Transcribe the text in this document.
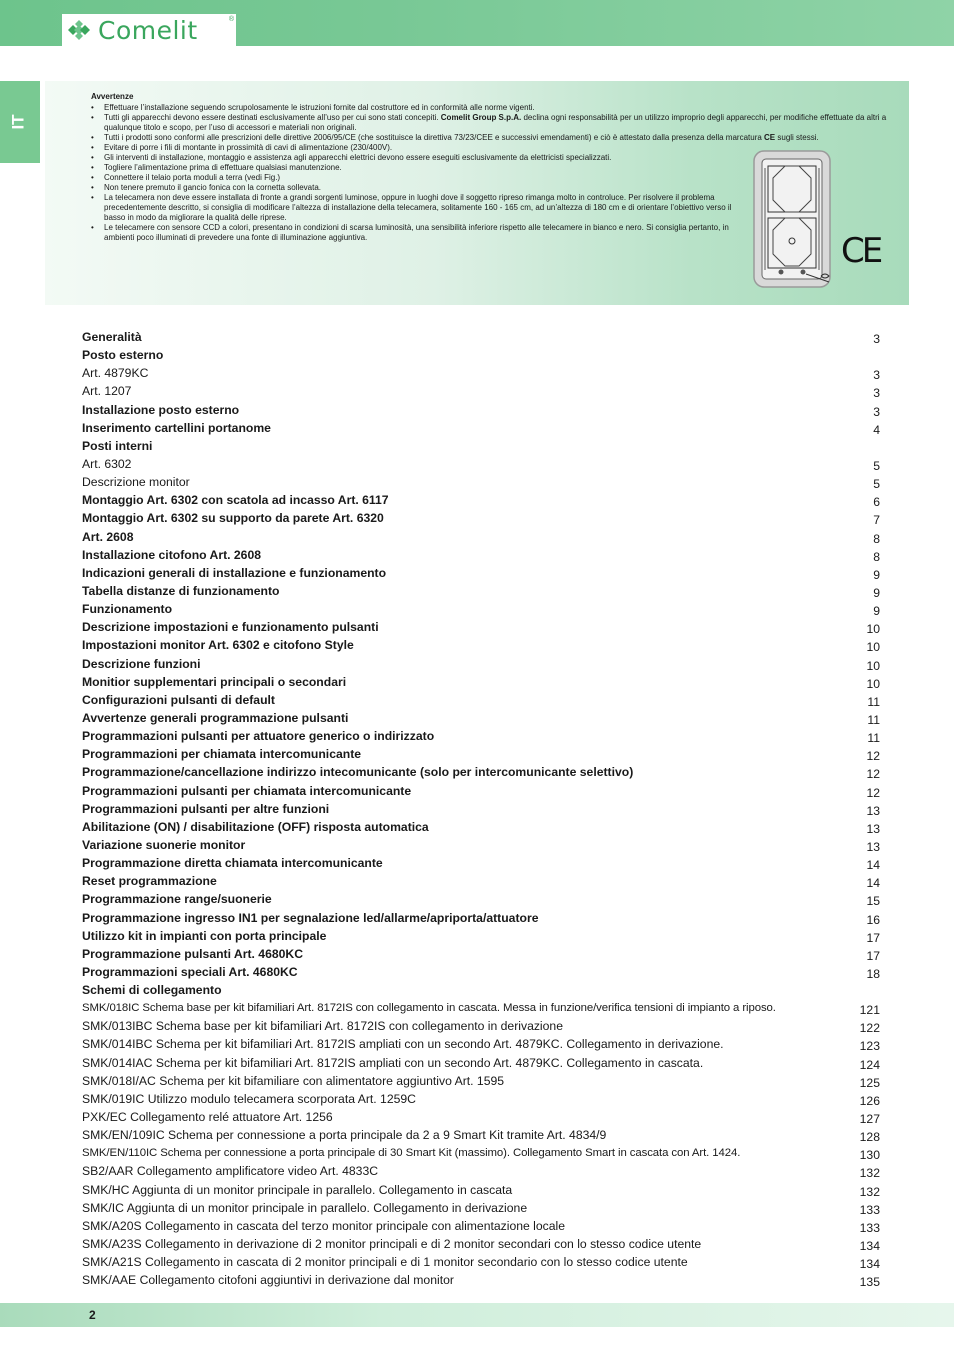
Comelit	®
IT
Avvertenze
• Effettuare l’installazione seguendo scrupolosamente le istruzioni fornite dal costruttore ed in conformità alle norme vigenti.
• Tutti gli apparecchi devono essere destinati esclusivamente all’uso per cui sono stati concepiti. Comelit Group S.p.A. declina ogni responsabilità per un utilizzo improprio degli apparecchi, per modifiche effettuate da altri a qualunque titolo e scopo, per l’uso di accessori e materiali non originali.
• Tutti i prodotti sono conformi alle prescrizioni delle direttive 2006/95/CE (che sostituisce la direttiva 73/23/CEE e successivi emendamenti) e ciò è attestato dalla presenza della marcatura CE sugli stessi.
• Evitare di porre i fili di montante in prossimità di cavi di alimentazione (230/400V).
• Gli interventi di installazione, montaggio e assistenza agli apparecchi elettrici devono essere eseguiti esclusivamente da elettricisti specializzati.
• Togliere l’alimentazione prima di effettuare qualsiasi manutenzione.
• Connettere il telaio porta moduli a terra (vedi Fig.)
• Non tenere premuto il gancio fonica con la cornetta sollevata.
• La telecamera non deve essere installata di fronte a grandi sorgenti luminose, oppure in luoghi dove il soggetto ripreso rimanga molto in controluce. Per risolvere il problema precedentemente descritto, si consiglia di modificare l’altezza di installazione della telecamera, solitamente 160 - 165 cm, ad un’altezza di 180 cm e di orientare l’obiettivo verso il basso in modo da migliorare la qualità delle riprese.
• Le telecamere con sensore CCD a colori, presentano in condizioni di scarsa luminosità, una sensibilità inferiore rispetto alle telecamere in bianco e nero. Si consiglia pertanto, in ambienti poco illuminati di prevedere una fonte di illuminazione aggiuntiva.	CE
Generalità	3
Posto esterno
Art. 4879KC	3
Art. 1207	3
Installazione posto esterno	3
Inserimento cartellini portanome	4
Posti interni
Art. 6302	5
Descrizione monitor	5
Montaggio Art. 6302 con scatola ad incasso Art. 6117	6
Montaggio Art. 6302 su supporto da parete Art. 6320	7
Art. 2608	8
Installazione citofono Art. 2608	8
Indicazioni generali di installazione e funzionamento	9
Tabella distanze di funzionamento	9
Funzionamento	9
Descrizione impostazioni e funzionamento pulsanti	10
Impostazioni monitor Art. 6302 e citofono Style	10
Descrizione funzioni	10
Monitior supplementari principali o secondari	10
Configurazioni pulsanti di default	11
Avvertenze generali programmazione pulsanti	11
Programmazioni pulsanti per attuatore generico o indirizzato	11
Programmazioni per chiamata intercomunicante	12
Programmazione/cancellazione indirizzo intecomunicante (solo per intercomunicante selettivo)	12
Programmazioni pulsanti per chiamata intercomunicante	12
Programmazioni pulsanti per altre funzioni	13
Abilitazione (ON) / disabilitazione (OFF) risposta automatica	13
Variazione suonerie monitor	13
Programmazione diretta chiamata intercomunicante	14
Reset programmazione	14
Programmazione range/suonerie	15
Programmazione ingresso IN1 per segnalazione led/allarme/apriporta/attuatore	16
Utilizzo kit in impianti con porta principale	17
Programmazione pulsanti Art. 4680KC	17
Programmazioni speciali Art. 4680KC	18
Schemi di collegamento
SMK/018IC Schema base per kit bifamiliari Art. 8172IS con collegamento in cascata. Messa in funzione/verifica tensioni di impianto a riposo.	121
SMK/013IBC Schema base per kit bifamiliari Art. 8172IS con collegamento in derivazione	122
SMK/014IBC Schema per kit bifamiliari Art. 8172IS ampliati con un secondo Art. 4879KC. Collegamento in derivazione.	123
SMK/014IAC Schema per kit bifamiliari Art. 8172IS ampliati con un secondo Art. 4879KC. Collegamento in cascata.	124
SMK/018I/AC Schema per kit bifamiliare con alimentatore aggiuntivo Art. 1595	125
SMK/019IC Utilizzo modulo telecamera scorporata Art. 1259C	126
PXK/EC Collegamento relé attuatore Art. 1256	127
SMK/EN/109IC Schema per connessione a porta principale da 2 a 9 Smart Kit tramite Art. 4834/9	128
SMK/EN/110IC Schema per connessione a porta principale di 30 Smart Kit (massimo). Collegamento Smart in cascata con Art. 1424.	130
SB2/AAR Collegamento amplificatore video Art. 4833C	132
SMK/HC Aggiunta di un monitor principale in parallelo. Collegamento in cascata	132
SMK/IC Aggiunta di un monitor principale in parallelo. Collegamento in derivazione	133
SMK/A20S Collegamento in cascata del terzo monitor principale con alimentazione locale	133
SMK/A23S Collegamento in derivazione di 2 monitor principali e di 2 monitor secondari con lo stesso codice utente	134
SMK/A21S Collegamento in cascata di 2 monitor principali e di 1 monitor secondario con lo stesso codice utente	134
SMK/AAE Collegamento citofoni aggiuntivi in derivazione dal monitor	135
2
